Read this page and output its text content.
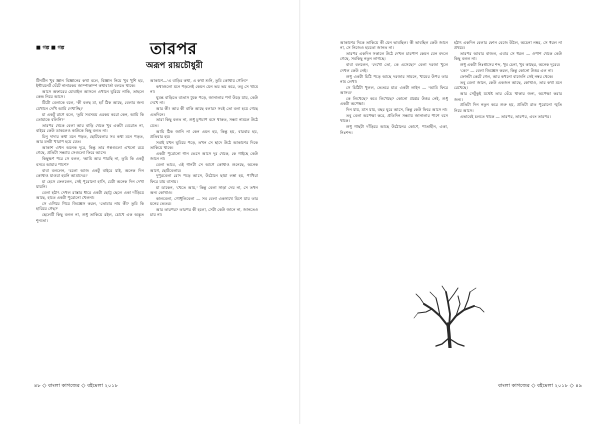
■ গল্প ■ গল্প	তারপর
অরূপ রায়চৌধুরী

টিনটিন খুব জ্ঞান বিজ্ঞানের কথা বলে, বিজ্ঞান নিয়ে খুব খুশি হয়, ইন্টারনেট ঘেঁটে নানারকম জাম্পাকাম্প কথাবার্তা বলতে থাকে।

আসে অফারের মোবাইল আসলে এখানে ঘুরিয়ে নাকি, তাহলে কেন্দ্র নিয়ে আসে।

টিটো বেলাকে বলে, 'কী বলছ মা, হ্যাঁ ঠিক আছে, বেলার জন্য যেখানে দেখি আমি দেখাচ্ছি।'

মা একটু রাগে বলে, 'তুমি সবসময় এরকম করো কেন, আমি কি তোমাকে বলিনি?'

তারপর থেকে বেলা আর বাড়ি থেকে খুব একটা বেরোত না, বাইরে কেউ ডাকলেও কাউকে কিছু বলত না।

চিনু দাদার কথা মনে পড়ত, ছোটবেলার সব কথা মনে পড়ত, আর মনটা খারাপ হয়ে যেত।

আকাশ এখন অনেক দূরে, কিন্তু তার গল্পগুলো এখনো রয়ে গেছে, প্রতিটা সন্ধ্যায় সেগুলো ফিরে আসে।

কিছুক্ষণ পরে সে বলল, 'আমি আর পারছি না, তুমি কি একটু বসবে আমার পাশে?'

বাবা বললেন, 'চলো আজ একটু বাইরে যাই, অনেক দিন কোথাও যাওয়া হয়নি আমাদের।'

মা হেসে ফেললেন, সেই পুরোনো হাসি, যেটা অনেক দিন দেখা যায়নি।

বেলা হঠাৎ দেখল রাস্তার ধারে একটা ছোট্ট ছেলে একা দাঁড়িয়ে আছে, হাতে একটা পুরোনো খেলনা।

সে এগিয়ে গিয়ে জিজ্ঞেস করল, 'তোমার নাম কী? তুমি কি হারিয়ে গেছ?'

ছেলেটি কিছু বলল না, শুধু তাকিয়ে রইল, চোখে এক অদ্ভুত শূন্যতা।

আকাশে—'এ বাড়ির কথা, এ কথা শুনি, তুমি কোথায় গেলি?'

কথাগুলো মনে পড়লেই কেমন যেন ভয় ভয় করে, তবু সে থামে না।

ঘুমন্ত বাড়িতে বাতাস ঢুকে পড়ে, জানালার পর্দা উড়ে যায়, কেউ দেখে না।

আর কী! আর কী বাকি আছে বলার? সবই তো বলা হয়ে গেছে এতদিনে।

তারা কিছু বলত না, শুধু চুপচাপ বসে থাকত, সন্ধ্যা নামলে উঠে যেত।

আমি ঠিক জানি না কেন এমন হয়, কিন্তু হয়, বারবার হয়, প্রতিবার হয়।

সবাই যখন ঘুমিয়ে পড়ে, তখন সে ছাদে উঠে আকাশের দিকে তাকিয়ে থাকে।

একটা পুরোনো গান ভেসে আসে দূর থেকে, কে গাইছে কেউ জানে না।

বেলা ভাবে, এই গানটা সে আগে কোথাও শুনেছে, অনেক আগে, ছোটবেলায়।

দুপুরবেলা রোদ পড়ে আসে, উঠোনে ছায়া লম্বা হয়, পাখিরা ফিরে যায় বাসায়।

মা ডাকেন, 'খেতে আয়,' কিন্তু বেলা সাড়া দেয় না, সে তখন অন্য কোথাও।

কালবেলা, গোধূলিবেলা — সব বেলা একসাথে মিশে যায় তার মনের ভেতর।

আর তারপর? তারপর কী হলো, সেটা কেউ জানে না, জানতেও চায় না।

৪৮ ◇ বাংলা কাগজের ◇ বইমেলা ২০১৮

আকাশের দিকে তাকিয়ে কী যেন ভাবছিল। কী ভাবছিল কেউ জানে না, সে নিজেও হয়তো জানত না।

তারপর একদিন সকালে উঠে দেখল চারপাশ কেমন যেন বদলে গেছে, সবকিছু নতুন লাগছে।

বাবা বললেন, 'দেখো তো, কে এসেছে?' বেলা দরজা খুলে দেখল কেউ নেই।

শুধু একটা চিঠি পড়ে আছে দরজার সামনে, খামের উপর তার নাম লেখা।

সে চিঠিটা খুলল, ভেতরে মাত্র একটা লাইন — 'আমি ফিরে আসব।'

কে লিখেছে? কবে লিখেছে? কোনো প্রশ্নের উত্তর নেই, শুধু একটা অপেক্ষা।

দিন যায়, মাস যায়, বছর ঘুরে আসে, কিন্তু কেউ ফিরে আসে না।

তবু বেলা অপেক্ষা করে, প্রতিদিন সন্ধ্যায় জানালার পাশে বসে থাকে।

শুধু গাছটা দাঁড়িয়ে আছে উঠোনের কোণে, পাতাহীন, একা, নিঃশব্দ।

হঠাৎ একদিন বেলার ফোন বেজে উঠল, অচেনা নম্বর, সে ধরল না প্রথমে।

তারপর আবার বাজল, এবার সে ধরল — ওপাশ থেকে কেউ কিছু বলল না।

শুধু একটা নিঃশ্বাসের শব্দ, খুব চেনা, খুব কাছের, অনেক দূরের।

'কে?' — বেলা জিজ্ঞেস করল, কিন্তু কোনো উত্তর এল না।

ফোনটা কেটে গেল, আর কখনো বাজেনি সেই নম্বর থেকে।

তবু বেলা জানে, কেউ একজন আছে, কোথাও, তার কথা মনে রেখেছে।

আর সেটুকুই যথেষ্ট তার বেঁচে থাকার জন্য, অপেক্ষা করার জন্য।

প্রতিটা দিন নতুন করে শুরু হয়, প্রতিটা রাত পুরোনো স্মৃতি নিয়ে আসে।

এভাবেই চলতে থাকে — তারপর, তারপর, এবং তারপর।

বাংলা কাগজের ◇ বইমেলা ২০১৮ ◇ ৪৯
